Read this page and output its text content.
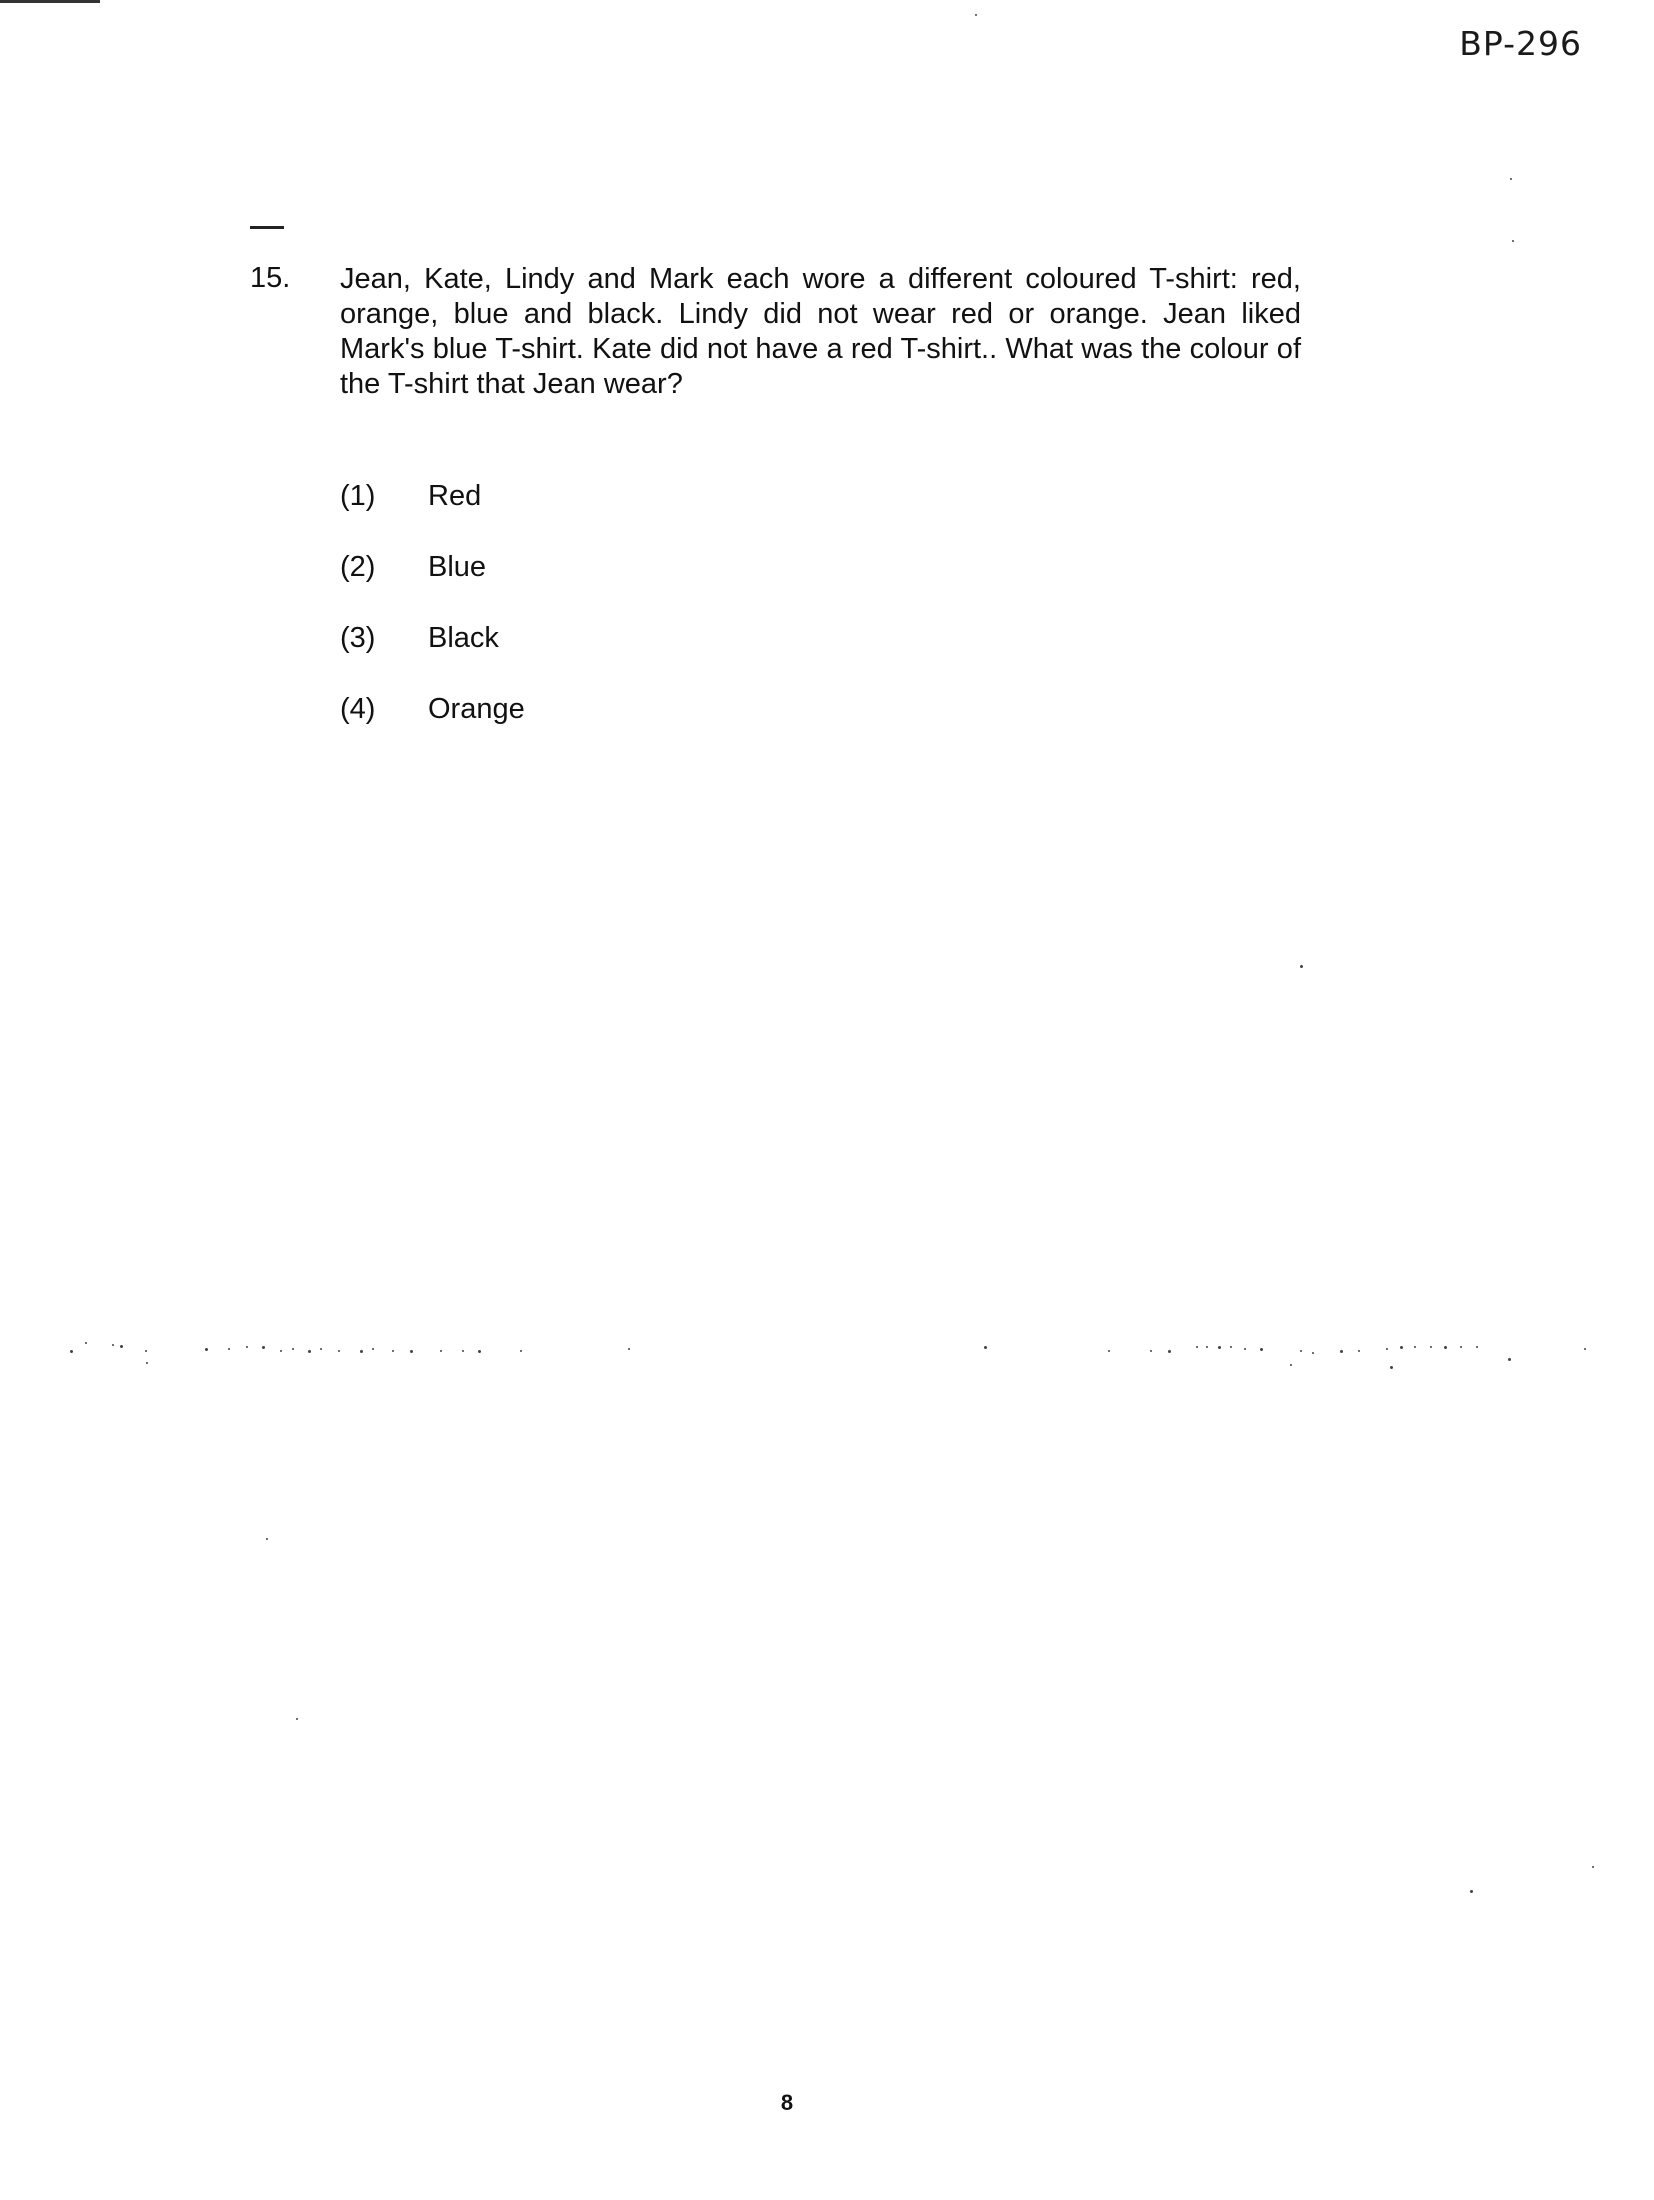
BP-296
15. Jean, Kate, Lindy and Mark each wore a different coloured T-shirt: red, orange, blue and black. Lindy did not wear red or orange. Jean liked Mark's blue T-shirt. Kate did not have a red T-shirt.. What was the colour of the T-shirt that Jean wear?
(1) Red
(2) Blue
(3) Black
(4) Orange
8
